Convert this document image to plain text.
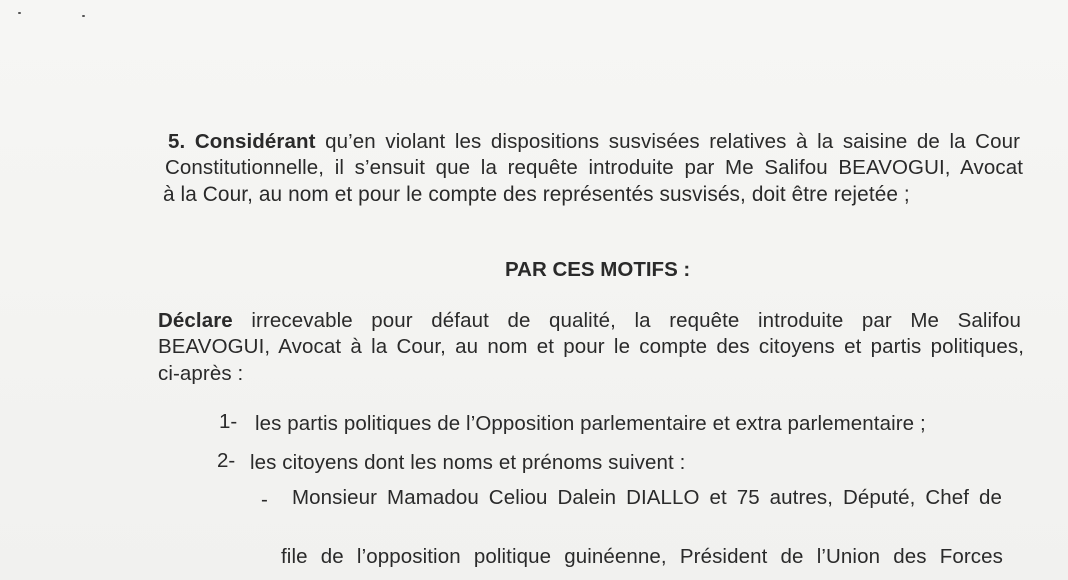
5. Considérant qu’en violant les dispositions susvisées relatives à la saisine de la Cour
Constitutionnelle, il s’ensuit que la requête introduite par Me Salifou BEAVOGUI, Avocat
à la Cour, au nom et pour le compte des représentés susvisés, doit être rejetée ;
PAR CES MOTIFS :
Déclare irrecevable pour défaut de qualité, la requête introduite par Me Salifou
BEAVOGUI, Avocat à la Cour, au nom et pour le compte des citoyens et partis politiques,
ci-après :
1- les partis politiques de l’Opposition parlementaire et extra parlementaire ;
2- les citoyens dont les noms et prénoms suivent :
- Monsieur Mamadou Celiou Dalein DIALLO et 75 autres, Député, Chef de
file de l’opposition politique guinéenne, Président de l’Union des Forces
